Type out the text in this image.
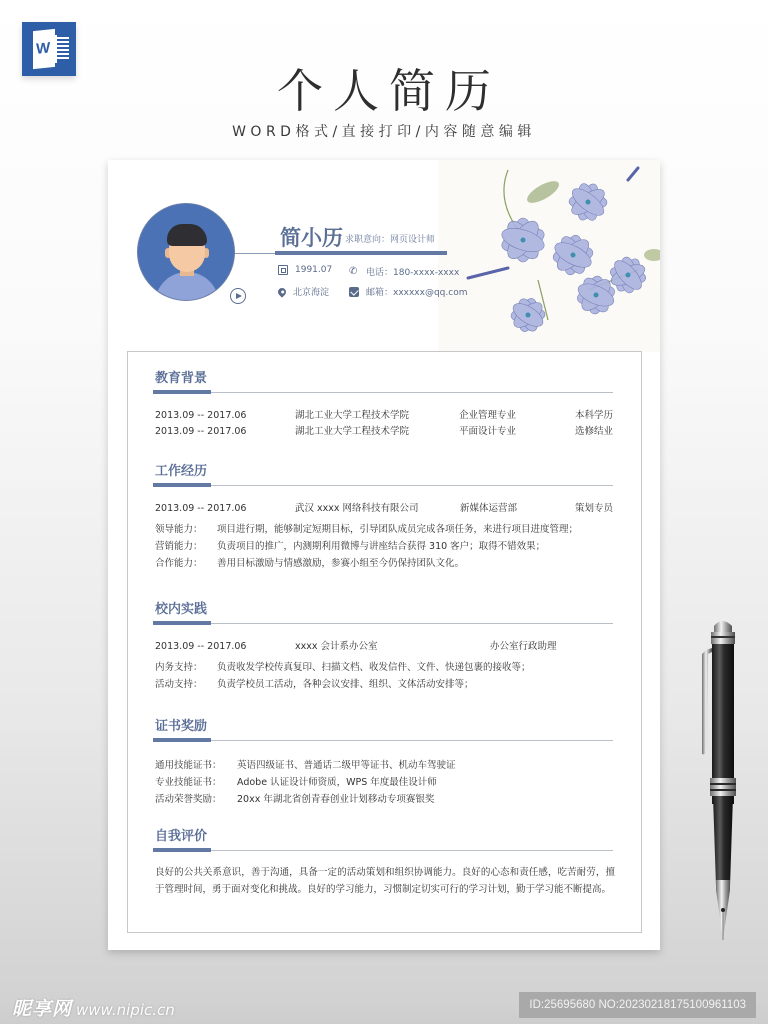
W
个人简历
WORD格式/直接打印/内容随意编辑
简小历 求职意向：网页设计师
1991.07 ✆ 电话：180-xxxx-xxxx
北京海淀	邮箱：xxxxxx@qq.com
教育背景
2013.09 -- 2017.06	湖北工业大学工程技术学院	企业管理专业	本科学历
2013.09 -- 2017.06	湖北工业大学工程技术学院	平面设计专业	选修结业
工作经历
2013.09 -- 2017.06	武汉 xxxx 网络科技有限公司	新媒体运营部	策划专员
领导能力：	项目进行期，能够制定短期目标，引导团队成员完成各项任务，来进行项目进度管理；
营销能力：	负责项目的推广，内测期利用微博与讲座结合获得 310 客户；取得不错效果；
合作能力：	善用目标激励与情感激励，参赛小组至今仍保持团队文化。
校内实践
2013.09 -- 2017.06	xxxx 会计系办公室	办公室行政助理
内务支持：	负责收发学校传真复印、扫描文档、收发信件、文件、快递包裹的接收等；
活动支持：	负责学校员工活动，各种会议安排、组织、文体活动安排等；
证书奖励
通用技能证书：	英语四级证书、普通话二级甲等证书、机动车驾驶证
专业技能证书：	Adobe 认证设计师资质，WPS 年度最佳设计师
活动荣誉奖励：	20xx 年湖北省创青春创业计划移动专项赛银奖
自我评价
良好的公共关系意识，善于沟通，具备一定的活动策划和组织协调能力。良好的心态和责任感，吃苦耐劳，擅于管理时间，勇于面对变化和挑战。良好的学习能力，习惯制定切实可行的学习计划，勤于学习能不断提高。
昵享网 www.nipic.cn	ID:25695680 NO:20230218175100961103
